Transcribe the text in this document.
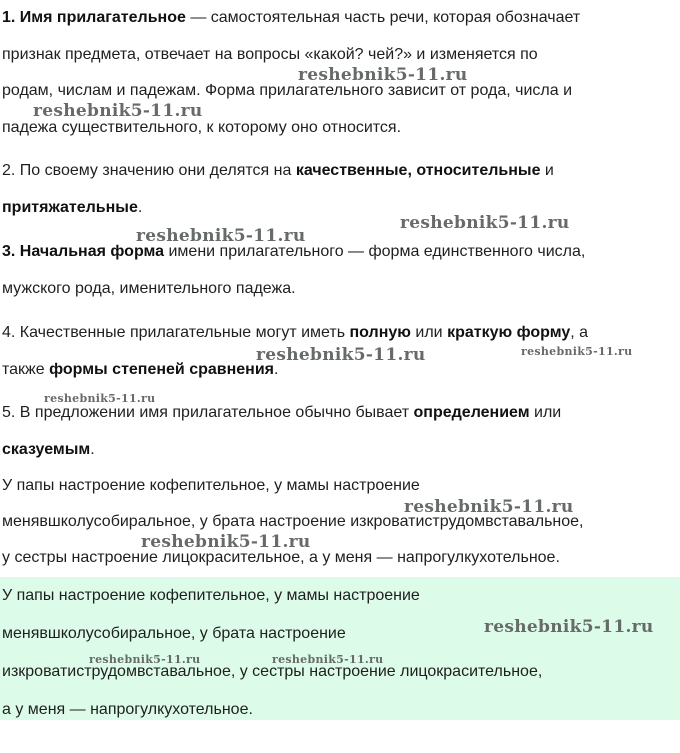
1. Имя прилагательное — самостоятельная часть речи, которая обозначает
признак предмета, отвечает на вопросы «какой? чей?» и изменяется по
родам, числам и падежам. Форма прилагательного зависит от рода, числа и
падежа существительного, к которому оно относится.
2. По своему значению они делятся на качественные, относительные и
притяжательные.
3. Начальная форма имени прилагательного — форма единственного числа,
мужского рода, именительного падежа.
4. Качественные прилагательные могут иметь полную или краткую форму, а
также формы степеней сравнения.
5. В предложении имя прилагательное обычно бывает определением или
сказуемым.
У папы настроение кофепительное, у мамы настроение
менявшколусобиральное, у брата настроение изкроватиструдомвставальное,
у сестры настроение лицокрасительное, а у меня — напрогулкухотельное.
У папы настроение кофепительное, у мамы настроение
менявшколусобиральное, у брата настроение
изкроватиструдомвставальное, у сестры настроение лицокрасительное,
а у меня — напрогулкухотельное.
reshebnik5-11.ru
reshebnik5-11.ru
reshebnik5-11.ru
reshebnik5-11.ru
reshebnik5-11.ru	reshebnik5-11.ru
reshebnik5-11.ru
reshebnik5-11.ru
reshebnik5-11.ru
reshebnik5-11.ru
reshebnik5-11.ru	reshebnik5-11.ru
